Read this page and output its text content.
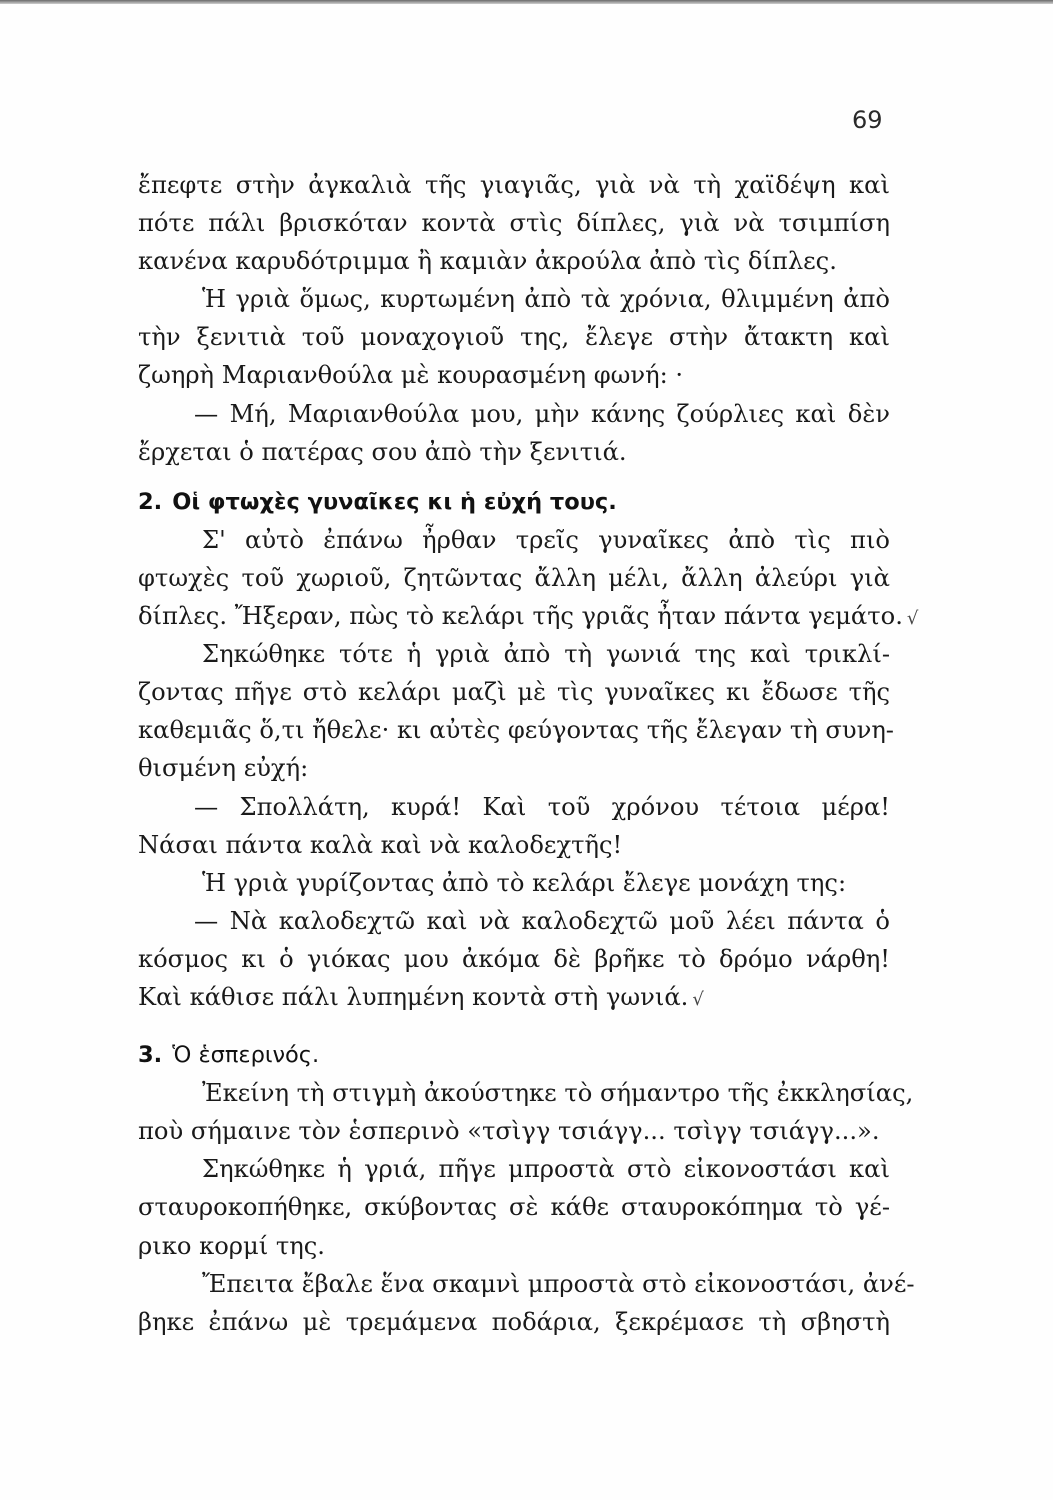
69
ἔπεφτε στὴν ἀγκαλιὰ τῆς γιαγιᾶς, γιὰ νὰ τὴ χαϊδέψη καὶ
πότε πάλι βρισκόταν κοντὰ στὶς δίπλες, γιὰ νὰ τσιμπίση
κανένα καρυδότριμμα ἢ καμιὰν ἀκρούλα ἀπὸ τὶς δίπλες.
Ἡ γριὰ ὅμως, κυρτωμένη ἀπὸ τὰ χρόνια, θλιμμένη ἀπὸ
τὴν ξενιτιὰ τοῦ μοναχογιοῦ της, ἔλεγε στὴν ἄτακτη καὶ
ζωηρὴ Μαριανθούλα μὲ κουρασμένη φωνή: ·
— Μή, Μαριανθούλα μου, μὴν κάνης ζούρλιες καὶ δὲν
ἔρχεται ὁ πατέρας σου ἀπὸ τὴν ξενιτιά.
2. Οἱ φτωχὲς γυναῖκες κι ἡ εὐχή τους.
Σ' αὐτὸ ἐπάνω ἦρθαν τρεῖς γυναῖκες ἀπὸ τὶς πιὸ
φτωχὲς τοῦ χωριοῦ, ζητῶντας ἄλλη μέλι, ἄλλη ἀλεύρι γιὰ
δίπλες. Ἤξεραν, πὼς τὸ κελάρι τῆς γριᾶς ἦταν πάντα γεμάτο. √
Σηκώθηκε τότε ἡ γριὰ ἀπὸ τὴ γωνιά της καὶ τρικλί-
ζοντας πῆγε στὸ κελάρι μαζὶ μὲ τὶς γυναῖκες κι ἔδωσε τῆς
καθεμιᾶς ὅ,τι ἤθελε· κι αὐτὲς φεύγοντας τῆς ἔλεγαν τὴ συνη-
θισμένη εὐχή:
— Σπολλάτη, κυρά! Καὶ τοῦ χρόνου τέτοια μέρα!
Νάσαι πάντα καλὰ καὶ νὰ καλοδεχτῆς!
Ἡ γριὰ γυρίζοντας ἀπὸ τὸ κελάρι ἔλεγε μονάχη της:
— Νὰ καλοδεχτῶ καὶ νὰ καλοδεχτῶ μοῦ λέει πάντα ὁ
κόσμος κι ὁ γιόκας μου ἀκόμα δὲ βρῆκε τὸ δρόμο νάρθη!
Καὶ κάθισε πάλι λυπημένη κοντὰ στὴ γωνιά. √
3. Ὁ ἑσπερινός.
Ἐκείνη τὴ στιγμὴ ἀκούστηκε τὸ σήμαντρο τῆς ἐκκλησίας,
ποὺ σήμαινε τὸν ἑσπερινὸ «τσὶγγ τσιάγγ... τσὶγγ τσιάγγ...».
Σηκώθηκε ἡ γριά, πῆγε μπροστὰ στὸ εἰκονοστάσι καὶ
σταυροκοπήθηκε, σκύβοντας σὲ κάθε σταυροκόπημα τὸ γέ-
ρικο κορμί της.
Ἔπειτα ἔβαλε ἕνα σκαμνὶ μπροστὰ στὸ εἰκονοστάσι, ἀνέ-
βηκε ἐπάνω μὲ τρεμάμενα ποδάρια, ξεκρέμασε τὴ σβηστὴ
